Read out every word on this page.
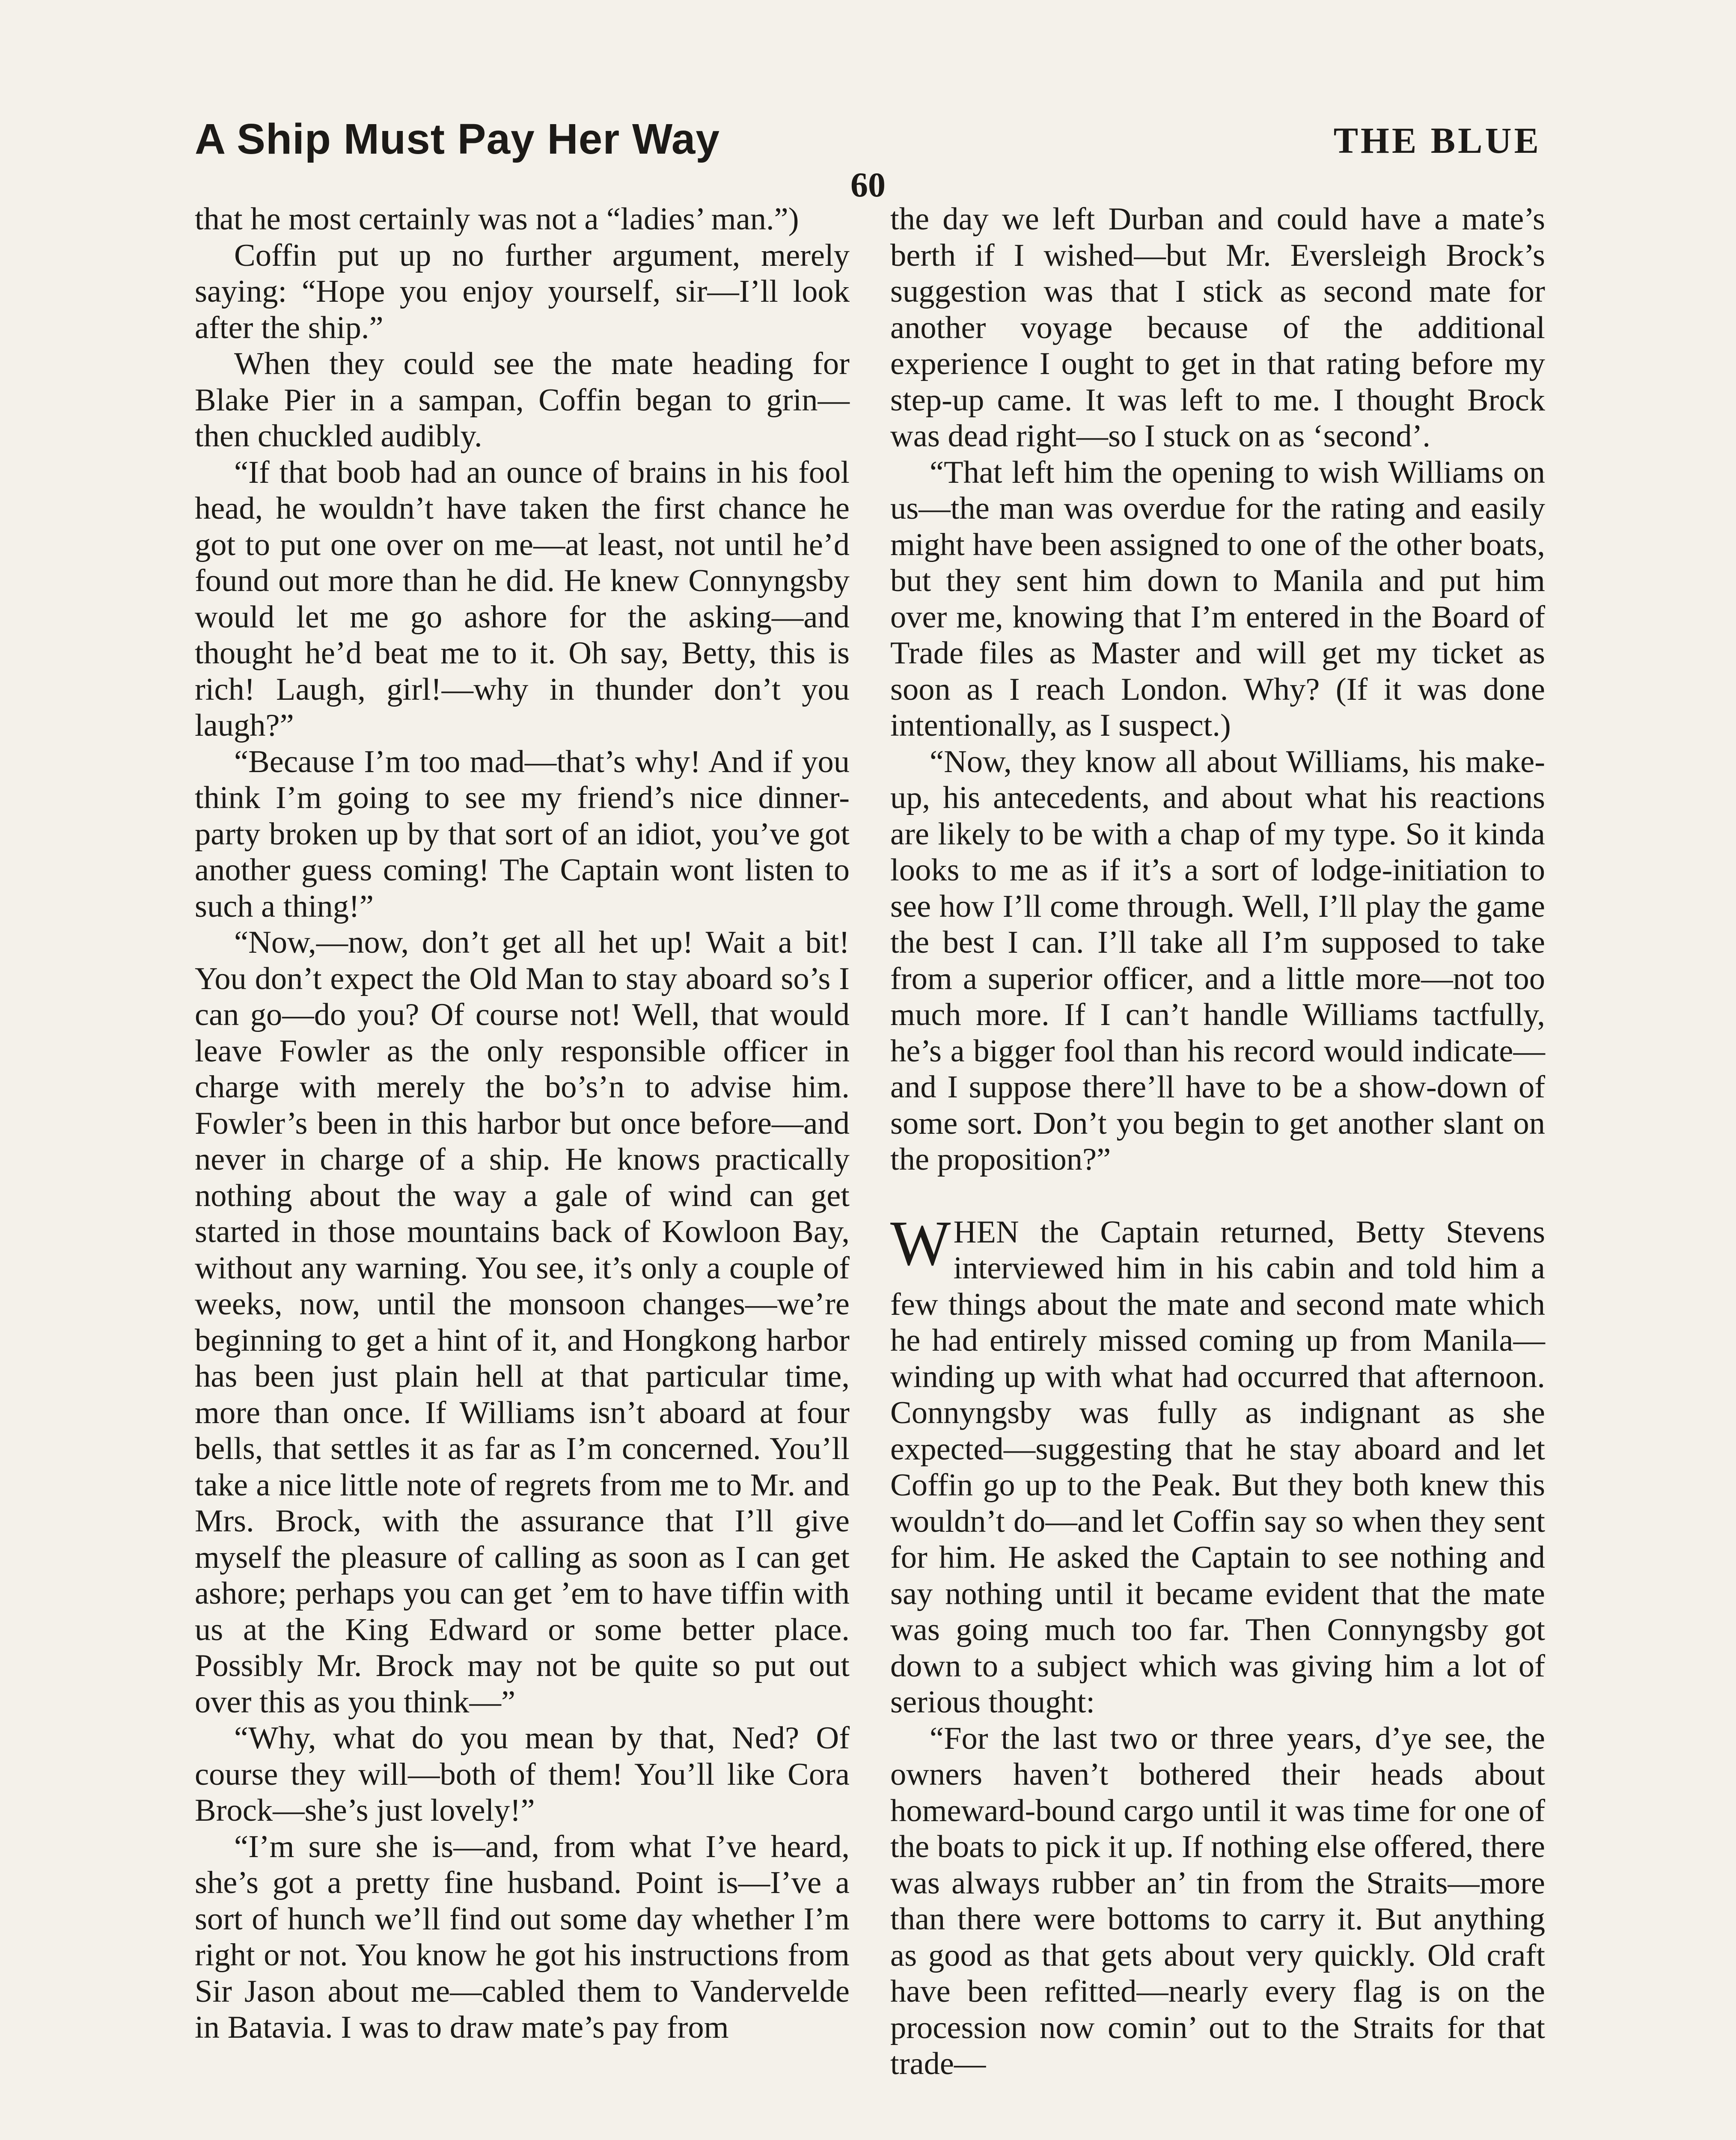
A Ship Must Pay Her Way	THE BLUE
60

that he most certainly was not a “ladies’ man.”)

Coffin put up no further argument, merely saying: “Hope you enjoy yourself, sir—I’ll look after the ship.”

When they could see the mate heading for Blake Pier in a sampan, Coffin began to grin—then chuckled audibly.

“If that boob had an ounce of brains in his fool head, he wouldn’t have taken the first chance he got to put one over on me—at least, not until he’d found out more than he did. He knew Connyngsby would let me go ashore for the asking—and thought he’d beat me to it. Oh say, Betty, this is rich! Laugh, girl!—why in thunder don’t you laugh?”

“Because I’m too mad—that’s why! And if you think I’m going to see my friend’s nice dinner-party broken up by that sort of an idiot, you’ve got another guess coming! The Captain wont listen to such a thing!”

“Now,—now, don’t get all het up! Wait a bit! You don’t expect the Old Man to stay aboard so’s I can go—do you? Of course not! Well, that would leave Fowler as the only responsible officer in charge with merely the bo’s’n to advise him. Fowler’s been in this harbor but once before—and never in charge of a ship. He knows practically nothing about the way a gale of wind can get started in those mountains back of Kowloon Bay, without any warning. You see, it’s only a couple of weeks, now, until the monsoon changes—we’re beginning to get a hint of it, and Hongkong harbor has been just plain hell at that particular time, more than once. If Williams isn’t aboard at four bells, that settles it as far as I’m concerned. You’ll take a nice little note of regrets from me to Mr. and Mrs. Brock, with the assurance that I’ll give myself the pleasure of calling as soon as I can get ashore; perhaps you can get ’em to have tiffin with us at the King Edward or some better place. Possibly Mr. Brock may not be quite so put out over this as you think—”

“Why, what do you mean by that, Ned? Of course they will—both of them! You’ll like Cora Brock—she’s just lovely!”

“I’m sure she is—and, from what I’ve heard, she’s got a pretty fine husband. Point is—I’ve a sort of hunch we’ll find out some day whether I’m right or not. You know he got his instructions from Sir Jason about me—cabled them to Vandervelde in Batavia. I was to draw mate’s pay from

the day we left Durban and could have a mate’s berth if I wished—but Mr. Eversleigh Brock’s suggestion was that I stick as second mate for another voyage because of the additional experience I ought to get in that rating before my step-up came. It was left to me. I thought Brock was dead right—so I stuck on as ‘second’.

“That left him the opening to wish Williams on us—the man was overdue for the rating and easily might have been assigned to one of the other boats, but they sent him down to Manila and put him over me, knowing that I’m entered in the Board of Trade files as Master and will get my ticket as soon as I reach London. Why? (If it was done intentionally, as I suspect.)

“Now, they know all about Williams, his make-up, his antecedents, and about what his reactions are likely to be with a chap of my type. So it kinda looks to me as if it’s a sort of lodge-initiation to see how I’ll come through. Well, I’ll play the game the best I can. I’ll take all I’m supposed to take from a superior officer, and a little more—not too much more. If I can’t handle Williams tactfully, he’s a bigger fool than his record would indicate—and I suppose there’ll have to be a show-down of some sort. Don’t you begin to get another slant on the proposition?”

WHEN the Captain returned, Betty Stevens interviewed him in his cabin and told him a few things about the mate and second mate which he had entirely missed coming up from Manila—winding up with what had occurred that afternoon. Connyngsby was fully as indignant as she expected—suggesting that he stay aboard and let Coffin go up to the Peak. But they both knew this wouldn’t do—and let Coffin say so when they sent for him. He asked the Captain to see nothing and say nothing until it became evident that the mate was going much too far. Then Connyngsby got down to a subject which was giving him a lot of serious thought:

“For the last two or three years, d’ye see, the owners haven’t bothered their heads about homeward-bound cargo until it was time for one of the boats to pick it up. If nothing else offered, there was always rubber an’ tin from the Straits—more than there were bottoms to carry it. But anything as good as that gets about very quickly. Old craft have been refitted—nearly every flag is on the procession now comin’ out to the Straits for that trade—
